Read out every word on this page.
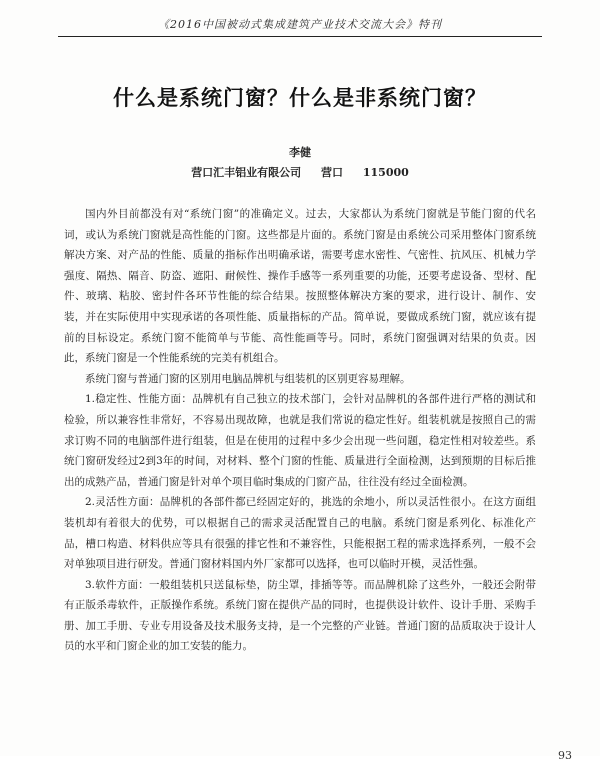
《2016中国被动式集成建筑产业技术交流大会》特刊
什么是系统门窗？什么是非系统门窗？
李健
营口汇丰铝业有限公司 营口 115000

国内外目前都没有对“系统门窗”的准确定义。过去，大家都认为系统门窗就是节能门窗的代名词，或认为系统门窗就是高性能的门窗。这些都是片面的。系统门窗是由系统公司采用整体门窗系统解决方案、对产品的性能、质量的指标作出明确承诺，需要考虑水密性、气密性、抗风压、机械力学强度、隔热、隔音、防盗、遮阳、耐候性、操作手感等一系列重要的功能，还要考虑设备、型材、配件、玻璃、粘胶、密封件各环节性能的综合结果。按照整体解决方案的要求，进行设计、制作、安装，并在实际使用中实现承诺的各项性能、质量指标的产品。简单说，要做成系统门窗，就应该有提前的目标设定。系统门窗不能简单与节能、高性能画等号。同时，系统门窗强调对结果的负责。因此，系统门窗是一个性能系统的完美有机组合。

系统门窗与普通门窗的区别用电脑品牌机与组装机的区别更容易理解。

1.稳定性、性能方面：品牌机有自己独立的技术部门，会针对品牌机的各部件进行严格的测试和检验，所以兼容性非常好，不容易出现故障，也就是我们常说的稳定性好。组装机就是按照自己的需求订购不同的电脑部件进行组装，但是在使用的过程中多少会出现一些问题，稳定性相对较差些。系统门窗研发经过2到3年的时间，对材料、整个门窗的性能、质量进行全面检测，达到预期的目标后推出的成熟产品，普通门窗是针对单个项目临时集成的门窗产品，往往没有经过全面检测。

2.灵活性方面：品牌机的各部件都已经固定好的，挑选的余地小，所以灵活性很小。在这方面组装机却有着很大的优势，可以根据自己的需求灵活配置自己的电脑。系统门窗是系列化、标准化产品，槽口构造、材料供应等具有很强的排它性和不兼容性，只能根据工程的需求选择系列，一般不会对单独项目进行研发。普通门窗材料国内外厂家都可以选择，也可以临时开模，灵活性强。

3.软件方面：一般组装机只送鼠标垫，防尘罩，排插等等。而品牌机除了这些外，一般还会附带有正版杀毒软件，正版操作系统。系统门窗在提供产品的同时，也提供设计软件、设计手册、采购手册、加工手册、专业专用设备及技术服务支持，是一个完整的产业链。普通门窗的品质取决于设计人员的水平和门窗企业的加工安装的能力。

93
